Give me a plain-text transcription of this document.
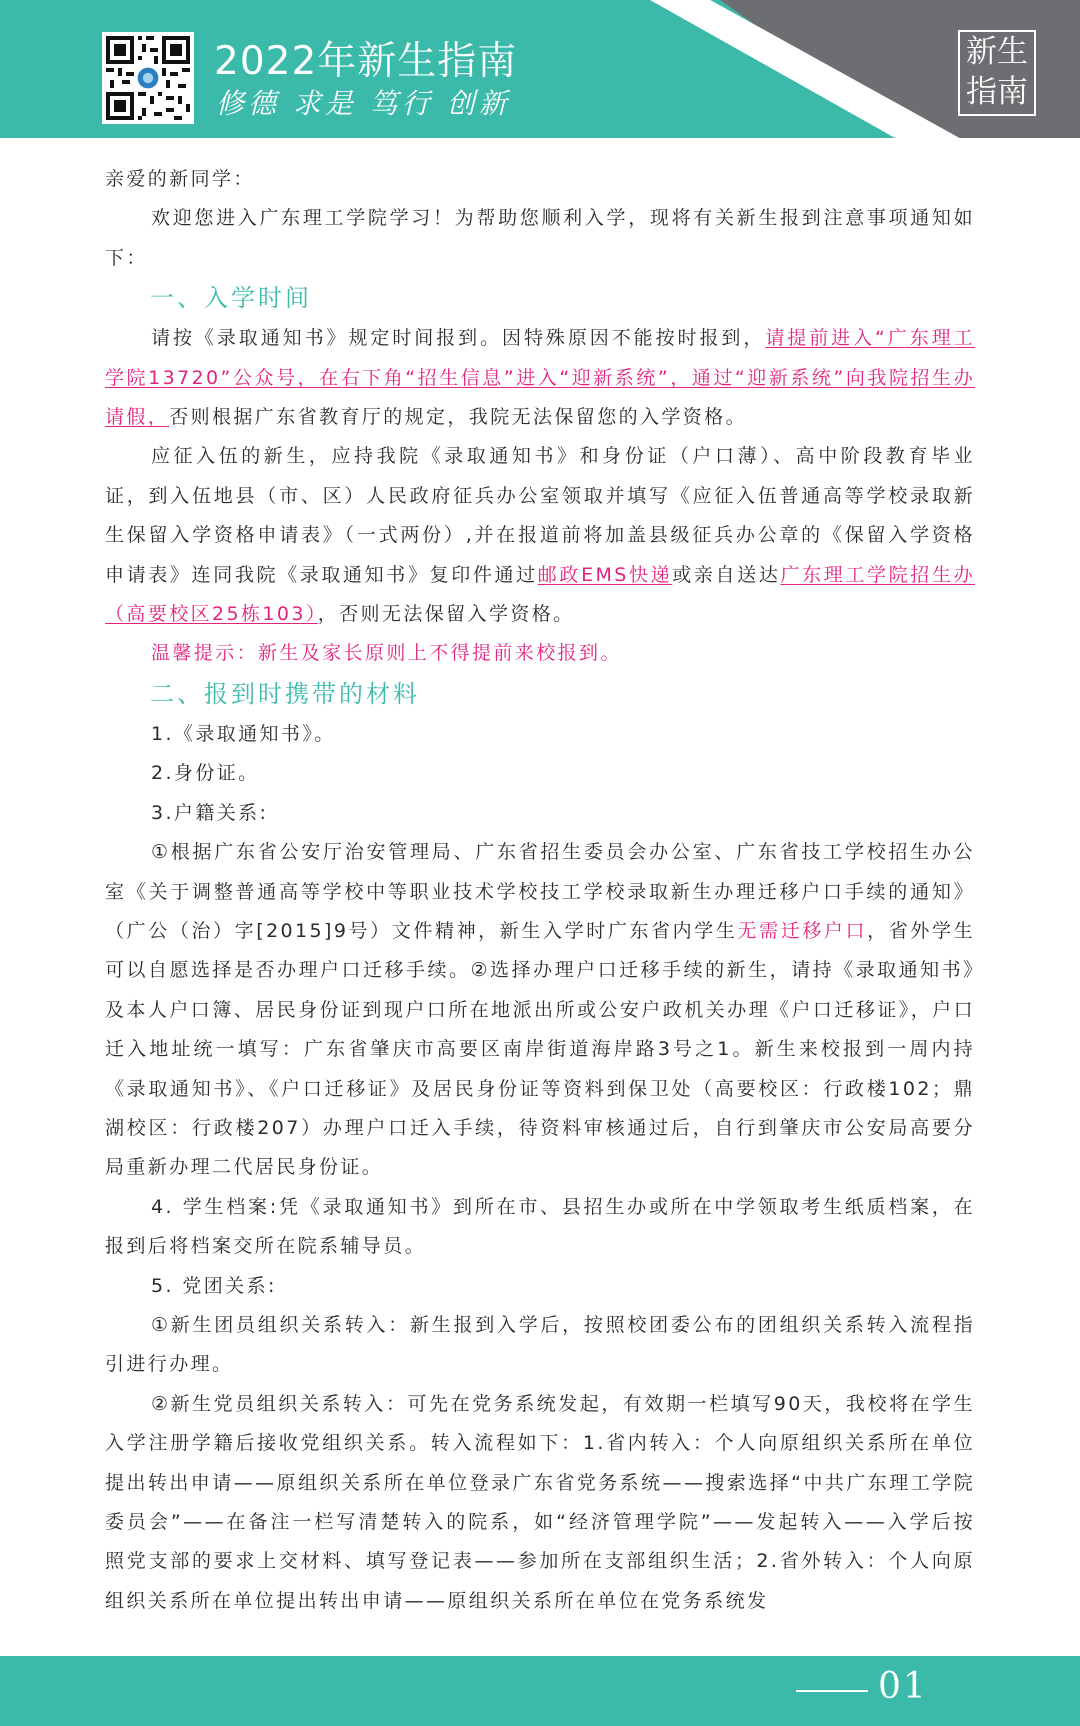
2022年新生指南
修德 求是 笃行 创新
新生
指南

亲爱的新同学：

欢迎您进入广东理工学院学习！为帮助您顺利入学，现将有关新生报到注意事项通知如下：

一、入学时间

请按《录取通知书》规定时间报到。因特殊原因不能按时报到，请提前进入“广东理工学院13720”公众号，在右下角“招生信息”进入“迎新系统”，通过“迎新系统”向我院招生办请假，否则根据广东省教育厅的规定，我院无法保留您的入学资格。

应征入伍的新生，应持我院《录取通知书》和身份证（户口薄）、高中阶段教育毕业证，到入伍地县（市、区）人民政府征兵办公室领取并填写《应征入伍普通高等学校录取新生保留入学资格申请表》（一式两份）,并在报道前将加盖县级征兵办公章的《保留入学资格申请表》连同我院《录取通知书》复印件通过邮政EMS快递或亲自送达广东理工学院招生办（高要校区25栋103），否则无法保留入学资格。

温馨提示：新生及家长原则上不得提前来校报到。

二、报到时携带的材料

1.《录取通知书》。

2.身份证。

3.户籍关系:

①根据广东省公安厅治安管理局、广东省招生委员会办公室、广东省技工学校招生办公室《关于调整普通高等学校中等职业技术学校技工学校录取新生办理迁移户口手续的通知》（广公（治）字[2015]9号）文件精神，新生入学时广东省内学生无需迁移户口，省外学生可以自愿选择是否办理户口迁移手续。②选择办理户口迁移手续的新生，请持《录取通知书》及本人户口簿、居民身份证到现户口所在地派出所或公安户政机关办理《户口迁移证》，户口迁入地址统一填写：广东省肇庆市高要区南岸街道海岸路3号之1。新生来校报到一周内持《录取通知书》、《户口迁移证》及居民身份证等资料到保卫处（高要校区：行政楼102；鼎湖校区：行政楼207）办理户口迁入手续，待资料审核通过后，自行到肇庆市公安局高要分局重新办理二代居民身份证。

4. 学生档案:凭《录取通知书》到所在市、县招生办或所在中学领取考生纸质档案，在报到后将档案交所在院系辅导员。

5. 党团关系:

①新生团员组织关系转入：新生报到入学后，按照校团委公布的团组织关系转入流程指引进行办理。

②新生党员组织关系转入：可先在党务系统发起，有效期一栏填写90天，我校将在学生入学注册学籍后接收党组织关系。转入流程如下：1.省内转入：个人向原组织关系所在单位提出转出申请——原组织关系所在单位登录广东省党务系统——搜索选择“中共广东理工学院委员会”——在备注一栏写清楚转入的院系，如“经济管理学院”——发起转入——入学后按照党支部的要求上交材料、填写登记表——参加所在支部组织生活；2.省外转入：个人向原组织关系所在单位提出转出申请——原组织关系所在单位在党务系统发

01
